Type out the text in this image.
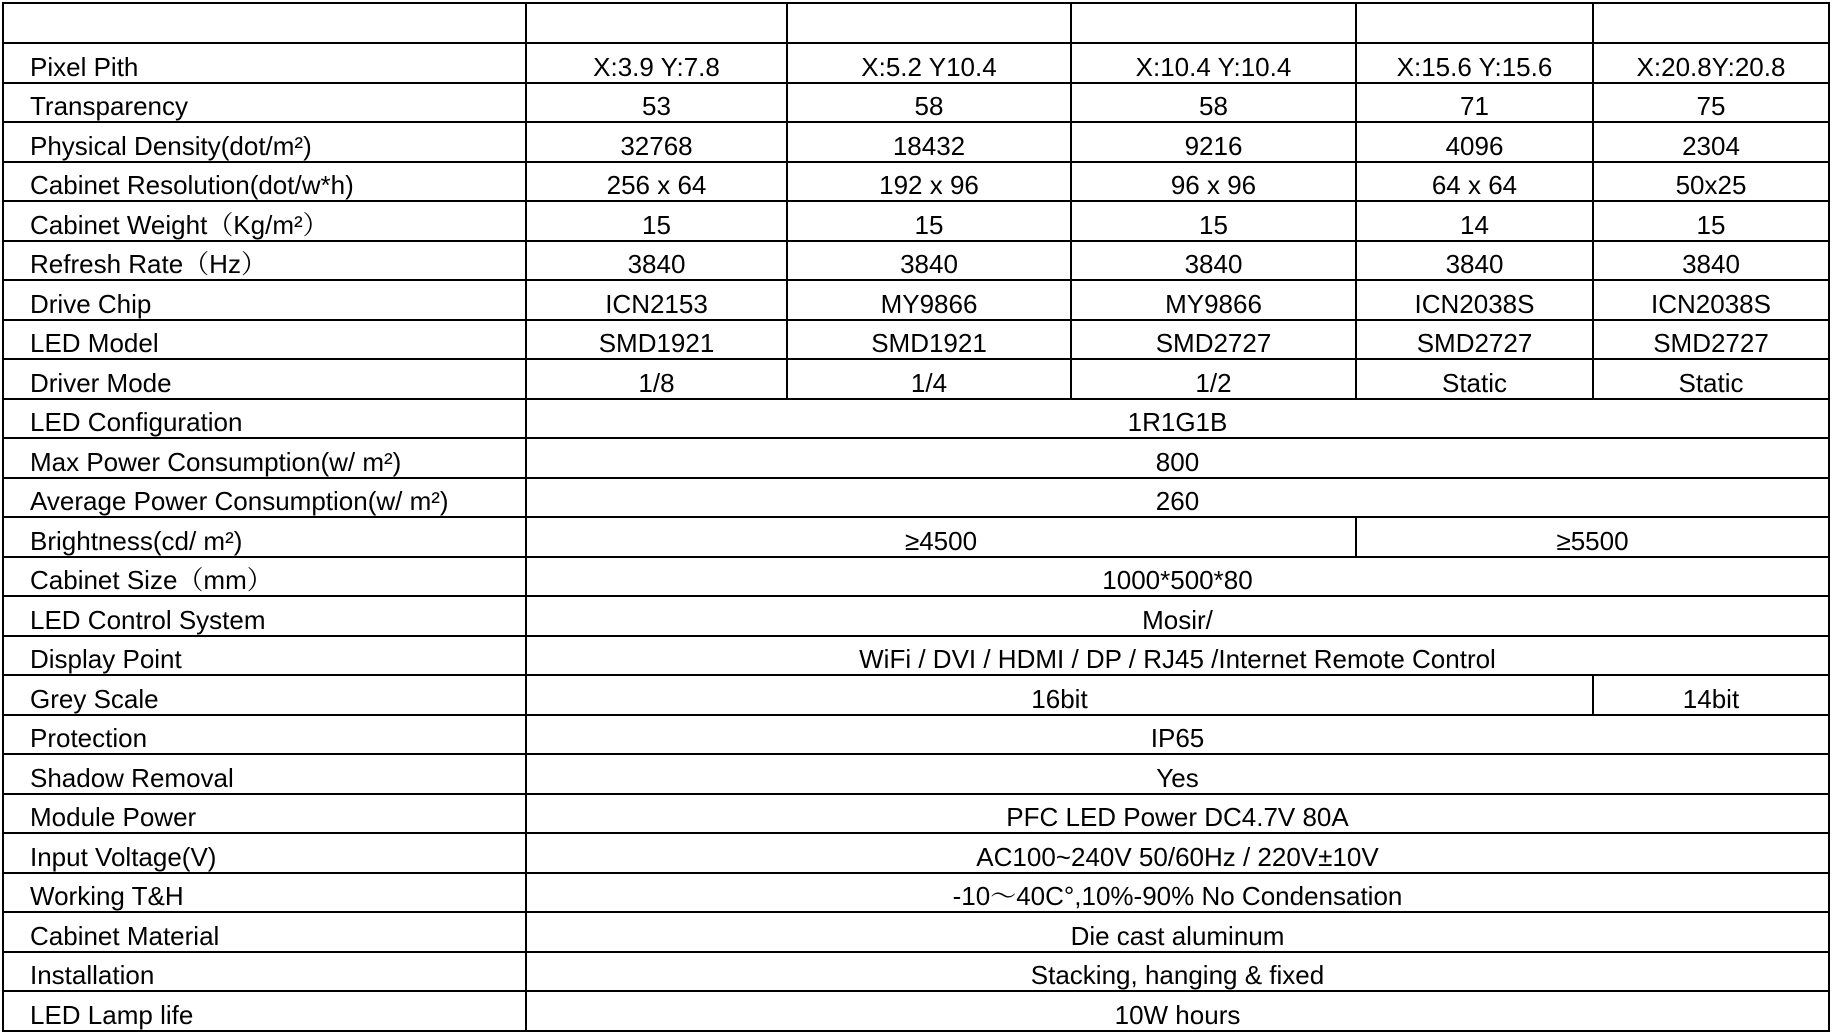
Pixel Pith	X:3.9 Y:7.8	X:5.2 Y10.4	X:10.4 Y:10.4	X:15.6 Y:15.6	X:20.8Y:20.8
Transparency	53	58	58	71	75
Physical Density(dot/m²)	32768	18432	9216	4096	2304
Cabinet Resolution(dot/w*h)	256 x 64	192 x 96	96 x 96	64 x 64	50x25
Cabinet Weight（Kg/m²）	15	15	15	14	15
Refresh Rate（Hz）	3840	3840	3840	3840	3840
Drive Chip	ICN2153	MY9866	MY9866	ICN2038S	ICN2038S
LED Model	SMD1921	SMD1921	SMD2727	SMD2727	SMD2727
Driver Mode	1/8	1/4	1/2	Static	Static
LED Configuration	1R1G1B				
Max Power Consumption(w/ m²)	800				
Average Power Consumption(w/ m²)	260				
Brightness(cd/ m²)	≥4500			≥5500	
Cabinet Size（mm）	1000*500*80				
LED Control System	Mosir/				
Display Point	WiFi / DVI / HDMI / DP / RJ45 /Internet Remote Control				
Grey Scale	16bit				14bit
Protection	IP65				
Shadow Removal	Yes				
Module Power	PFC LED Power DC4.7V 80A				
Input Voltage(V)	AC100~240V 50/60Hz / 220V±10V				
Working T&H	-10～40C°,10%-90% No Condensation				
Cabinet Material	Die cast aluminum				
Installation	Stacking, hanging & fixed				
LED Lamp life	10W hours				
